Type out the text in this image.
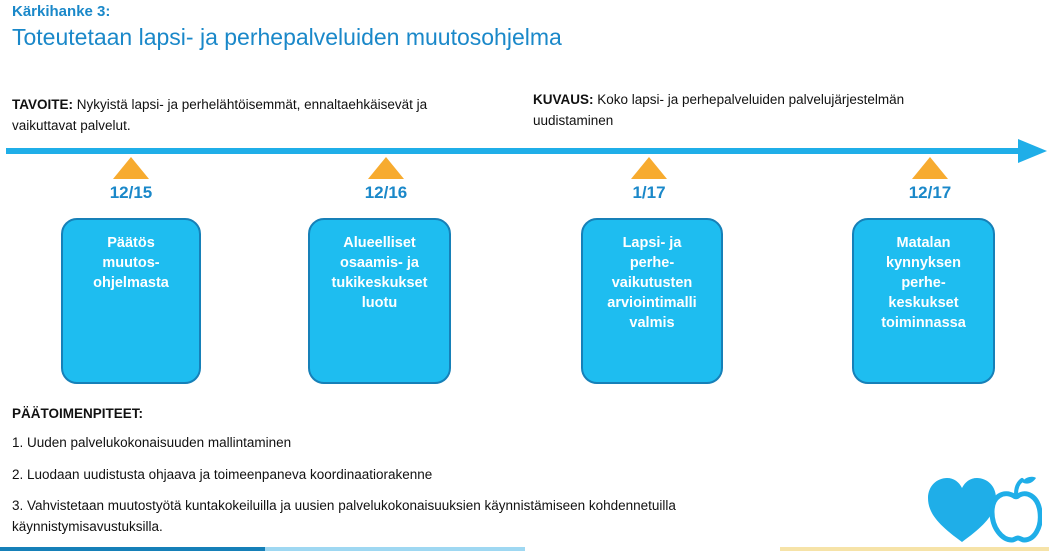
Kärkihanke 3:
Toteutetaan lapsi- ja perhepalveluiden muutosohjelma
TAVOITE: Nykyistä lapsi- ja perhelähtöisemmät, ennaltaehkäisevät ja vaikuttavat palvelut.
KUVAUS: Koko lapsi- ja perhepalveluiden palvelujärjestelmän uudistaminen
12/15
Päätös
muutos-
ohjelmasta
12/16
Alueelliset
osaamis- ja
tukikeskukset
luotu
1/17
Lapsi- ja
perhe-
vaikutusten
arviointimalli
valmis
12/17
Matalan
kynnyksen
perhe-
keskukset
toiminnassa
PÄÄTOIMENPITEET:
1. Uuden palvelukokonaisuuden mallintaminen
2. Luodaan uudistusta ohjaava ja toimeenpaneva koordinaatiorakenne
3. Vahvistetaan muutostyötä kuntakokeiluilla ja uusien palvelukokonaisuuksien käynnistämiseen kohdennetuilla käynnistymisavustuksilla.
